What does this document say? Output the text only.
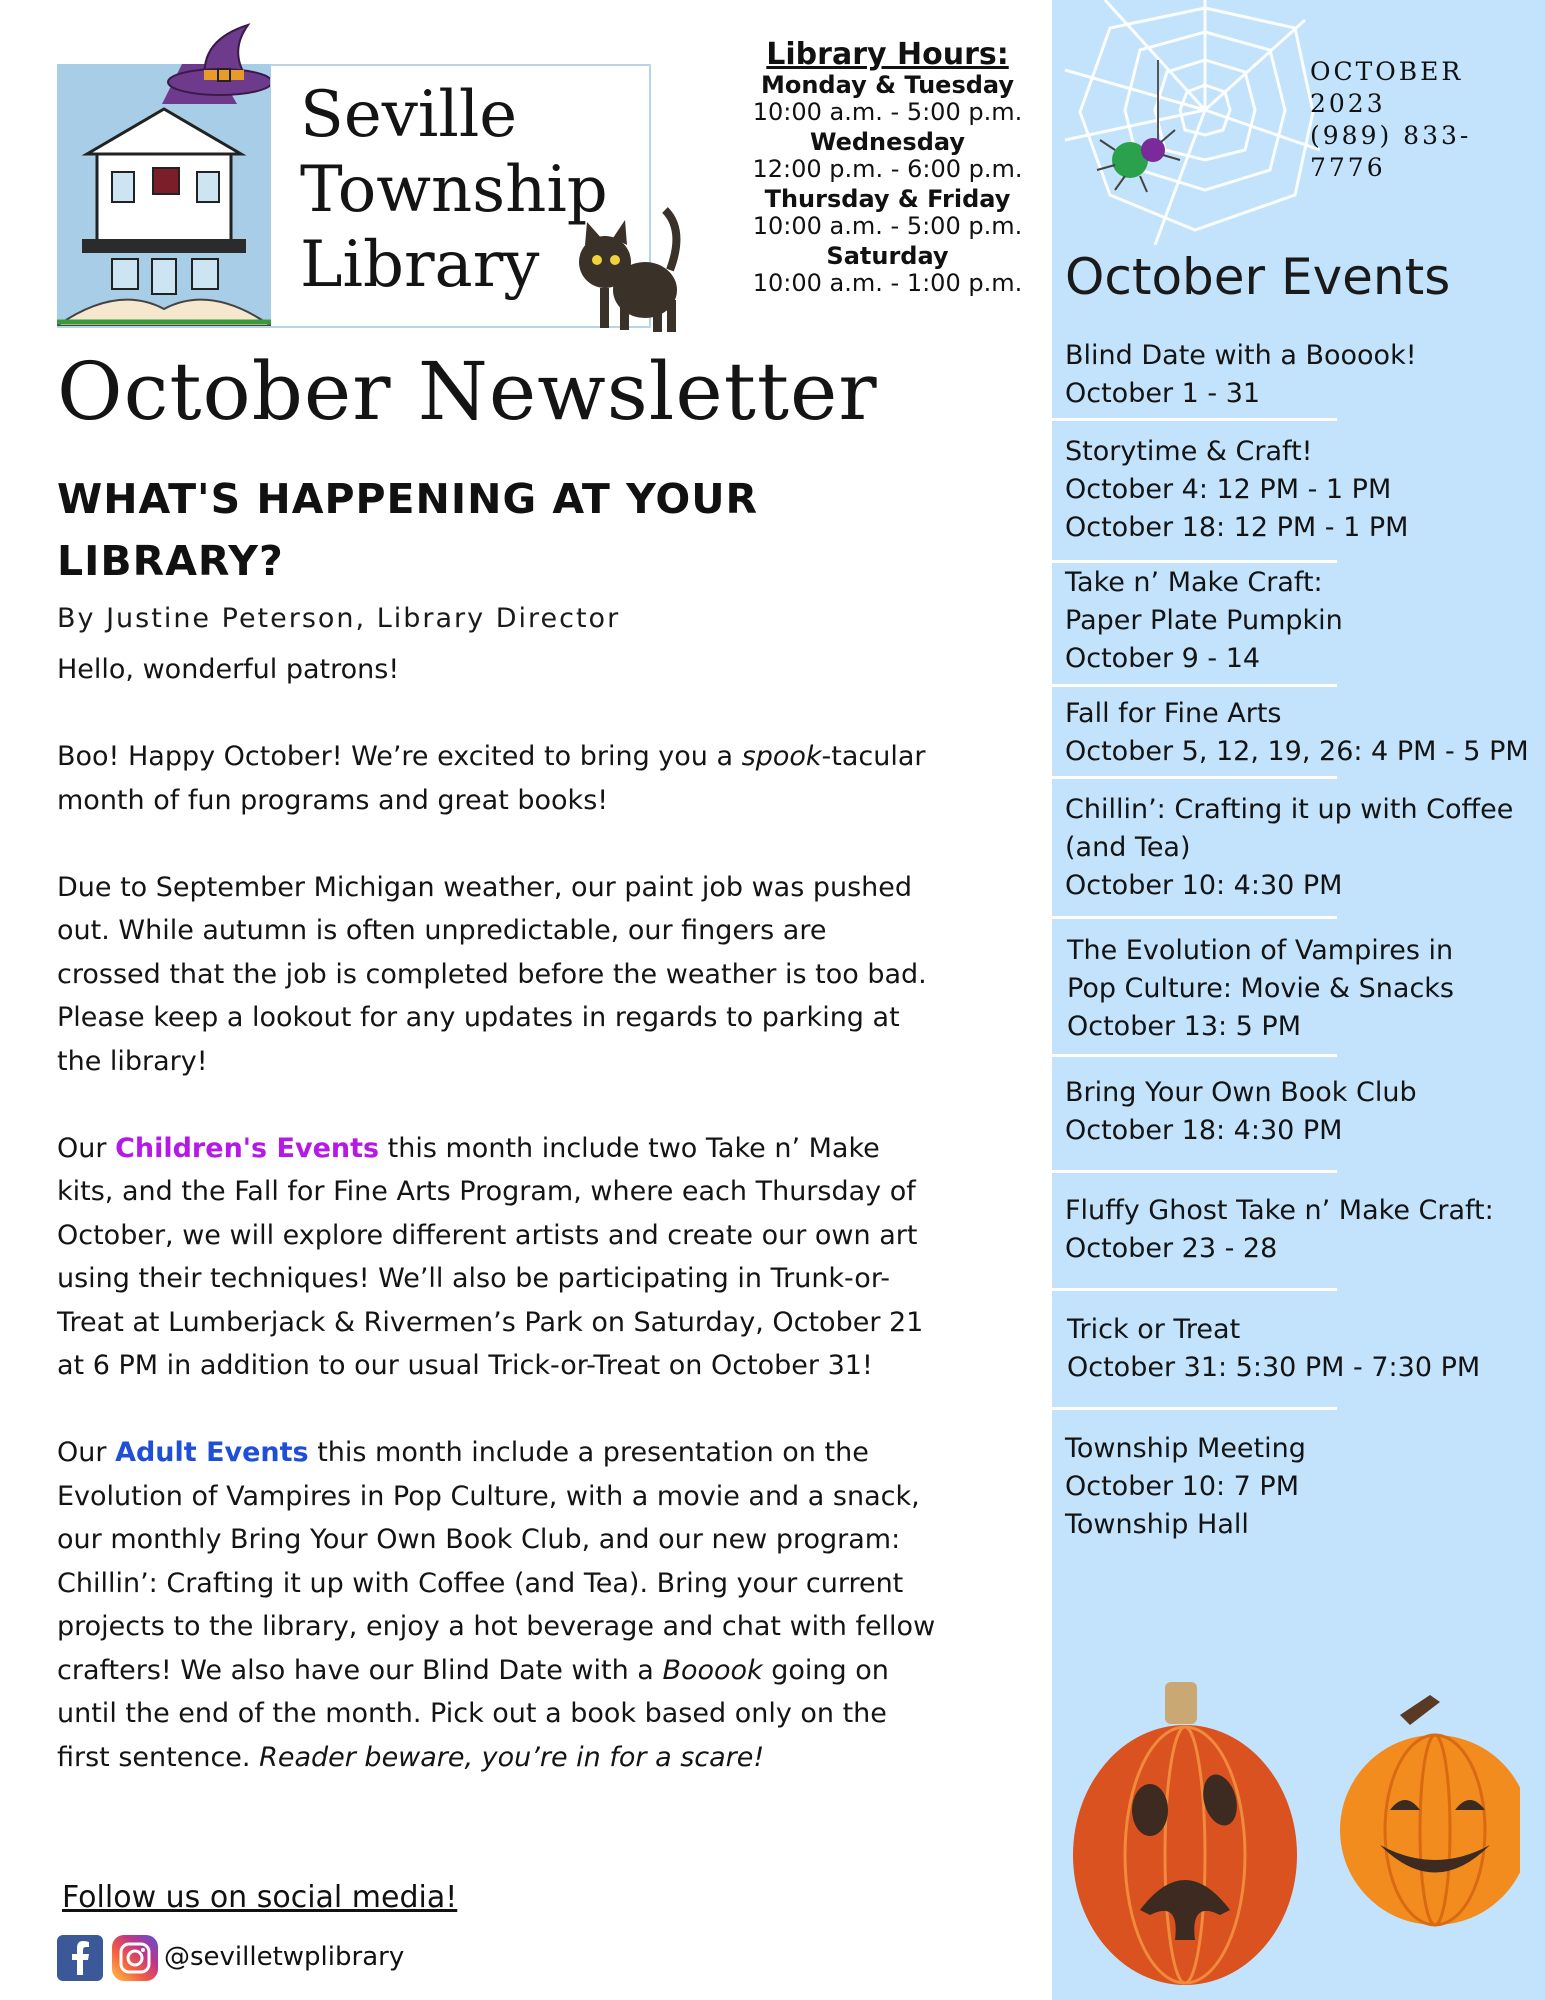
OCTOBER 2023
(989) 833-7776
October Events
Blind Date with a Booook!
October 1 - 31
Storytime & Craft!
October 4: 12 PM - 1 PM
October 18: 12 PM - 1 PM
Take n’ Make Craft:
Paper Plate Pumpkin
October 9 - 14
Fall for Fine Arts
October 5, 12, 19, 26: 4 PM - 5 PM
Chillin’: Crafting it up with Coffee
(and Tea)
October 10: 4:30 PM
The Evolution of Vampires in
Pop Culture: Movie & Snacks
October 13: 5 PM
Bring Your Own Book Club
October 18: 4:30 PM
Fluffy Ghost Take n’ Make Craft:
October 23 - 28
Trick or Treat
October 31: 5:30 PM - 7:30 PM
Township Meeting
October 10: 7 PM
Township Hall
Seville
Township
Library
Library Hours:
Monday & Tuesday
10:00 a.m. - 5:00 p.m.
Wednesday
12:00 p.m. - 6:00 p.m.
Thursday & Friday
10:00 a.m. - 5:00 p.m.
Saturday
10:00 a.m. - 1:00 p.m.
October Newsletter
WHAT'S HAPPENING AT YOUR LIBRARY?
By Justine Peterson, Library Director

Hello, wonderful patrons!

Boo! Happy October! We’re excited to bring you a spook-tacular month of fun programs and great books!

Due to September Michigan weather, our paint job was pushed out. While autumn is often unpredictable, our fingers are crossed that the job is completed before the weather is too bad. Please keep a lookout for any updates in regards to parking at the library!

Our Children's Events this month include two Take n’ Make kits, and the Fall for Fine Arts Program, where each Thursday of October, we will explore different artists and create our own art using their techniques! We’ll also be participating in Trunk-or-Treat at Lumberjack & Rivermen’s Park on Saturday, October 21 at 6 PM in addition to our usual Trick-or-Treat on October 31!

Our Adult Events this month include a presentation on the Evolution of Vampires in Pop Culture, with a movie and a snack, our monthly Bring Your Own Book Club, and our new program: Chillin’: Crafting it up with Coffee (and Tea). Bring your current projects to the library, enjoy a hot beverage and chat with fellow crafters! We also have our Blind Date with a Booook going on until the end of the month. Pick out a book based only on the first sentence. Reader beware, you’re in for a scare!

Follow us on social media!
@sevilletwplibrary
